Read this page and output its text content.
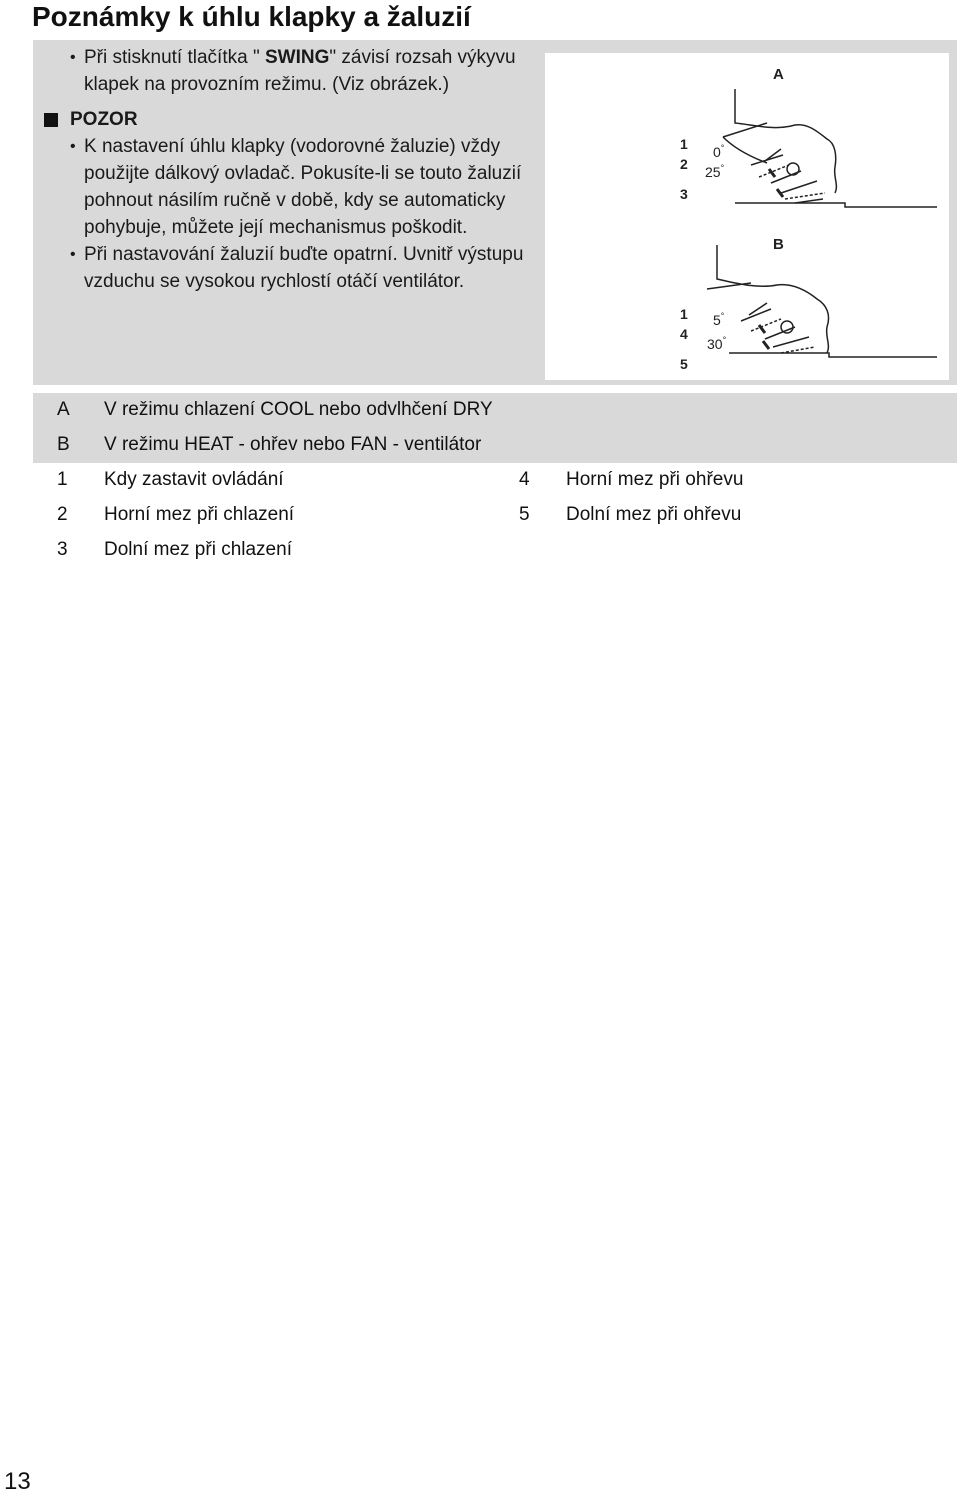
Poznámky k úhlu klapky a žaluzií
• Při stisknutí tlačítka " SWING" závisí rozsah výkyvu klapek na provozním režimu. (Viz obrázek.)
POZOR
• K nastavení úhlu klapky (vodorovné žaluzie) vždy použijte dálkový ovladač. Pokusíte-li se touto žaluzií pohnout násilím ručně v době, kdy se automaticky pohybuje, můžete její mechanismus poškodit.
• Při nastavování žaluzií buďte opatrní. Uvnitř výstupu vzduchu se vysokou rychlostí otáčí ventilátor.
A
1
2
3
0°
25°
B
1
4
5
5°
30°
A V režimu chlazení COOL nebo odvlhčení DRY
B V režimu HEAT - ohřev nebo FAN - ventilátor
1 Kdy zastavit ovládání	4 Horní mez při ohřevu
2 Horní mez při chlazení	5 Dolní mez při ohřevu
3 Dolní mez při chlazení
13
